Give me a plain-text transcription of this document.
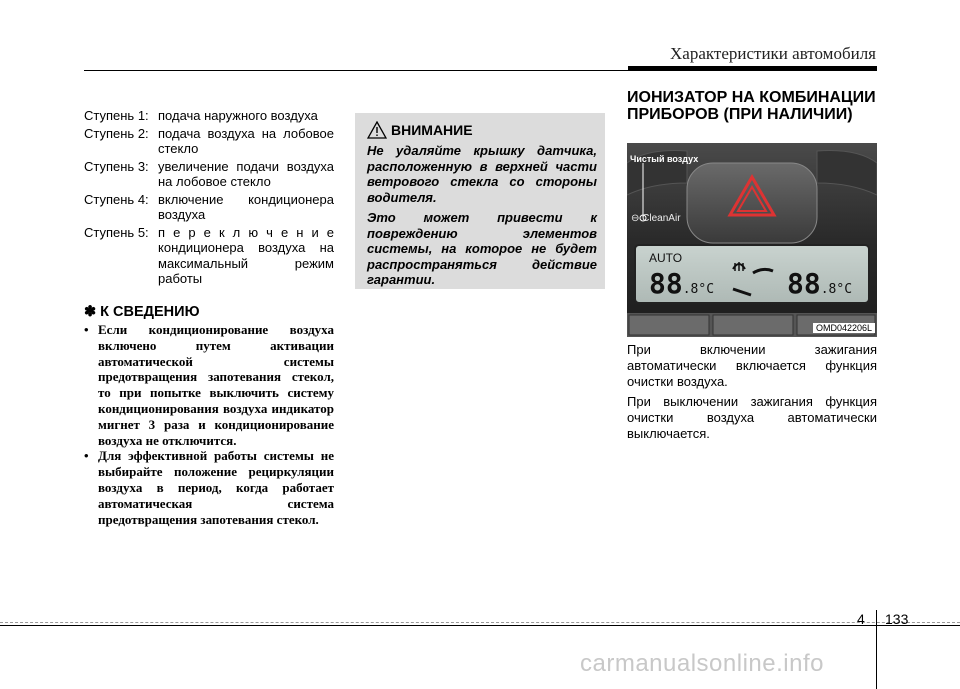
Характеристики автомобиля
Ступень 1: подача наружного воздуха
Ступень 2: подача воздуха на лобовое стекло
Ступень 3: увеличение подачи воздуха на лобовое стекло
Ступень 4: включение кондиционера воздуха
Ступень 5: п е р е к л ю ч е н и е кондиционера воздуха на максимальный режим работы
✽ К СВЕДЕНИЮ
• Если кондиционирование воздуха включено путем активации автоматической системы предотвращения запотевания стекол, то при попытке выключить систему кондиционирования воздуха индикатор мигнет 3 раза и кондиционирование воздуха не отключится.
• Для эффективной работы системы не выбирайте положение рециркуляции воздуха в период, когда работает автоматическая система предотвращения запотевания стекол.
ВНИМАНИЕ

Не удаляйте крышку датчика, расположенную в верхней части ветрового стекла со стороны водителя.

Это может привести к повреждению элементов системы, на которое не будет распространяться действие гарантии.

ИОНИЗАТОР НА КОМБИНАЦИИ ПРИБОРОВ (ПРИ НАЛИЧИИ)
Чистый воздух
⊖ CleanAir
AUTO
88.8°C	88.8°C
OMD042206L

При включении зажигания автоматически включается функция очистки воздуха.

При выключении зажигания функция очистки воздуха автоматически выключается.

4 133
carmanualsonline.info
